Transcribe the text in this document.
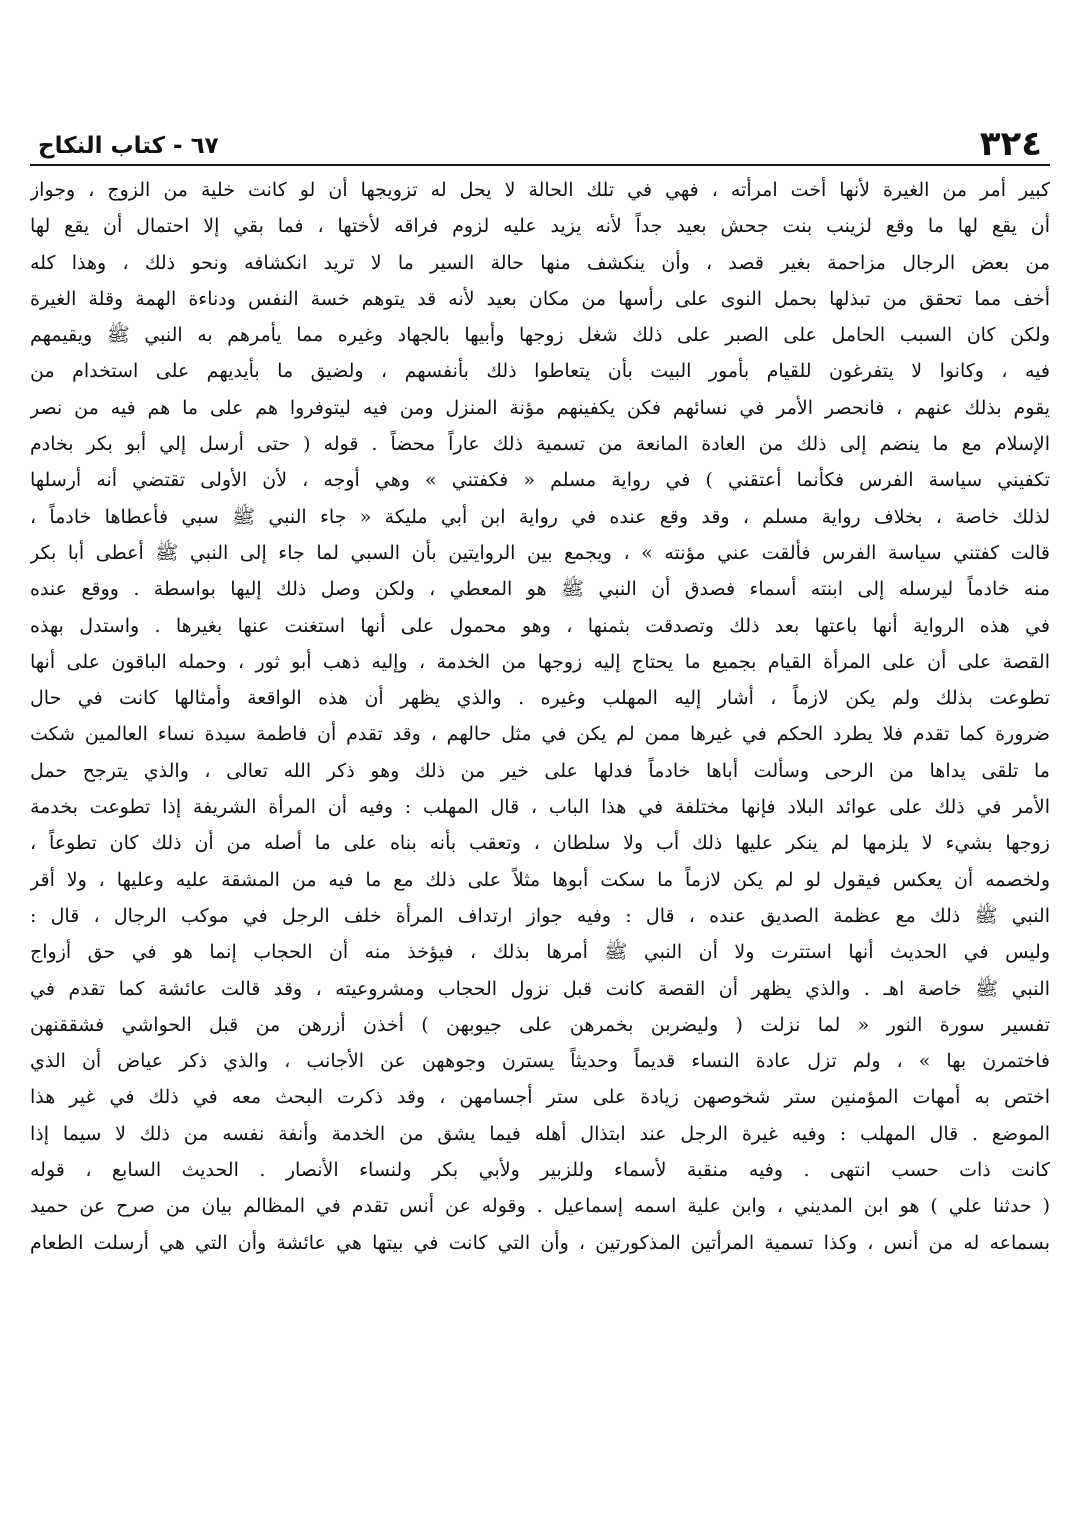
٣٢٤
٦٧ - كتاب النكاح
كبير أمر من الغيرة لأنها أخت امرأته ، فهي في تلك الحالة لا يحل له تزويجها أن لو كانت خلية من الزوج ، وجواز
أن يقع لها ما وقع لزينب بنت جحش بعيد جداً لأنه يزيد عليه لزوم فراقه لأختها ، فما بقي إلا احتمال أن يقع لها
من بعض الرجال مزاحمة بغير قصد ، وأن ينكشف منها حالة السير ما لا تريد انكشافه ونحو ذلك ، وهذا كله
أخف مما تحقق من تبذلها بحمل النوى على رأسها من مكان بعيد لأنه قد يتوهم خسة النفس ودناءة الهمة وقلة الغيرة
ولكن كان السبب الحامل على الصبر على ذلك شغل زوجها وأبيها بالجهاد وغيره مما يأمرهم به النبي ﷺ ويقيمهم
فيه ، وكانوا لا يتفرغون للقيام بأمور البيت بأن يتعاطوا ذلك بأنفسهم ، ولضيق ما بأيديهم على استخدام من
يقوم بذلك عنهم ، فانحصر الأمر في نسائهم فكن يكفينهم مؤنة المنزل ومن فيه ليتوفروا هم على ما هم فيه من نصر
الإسلام مع ما ينضم إلى ذلك من العادة المانعة من تسمية ذلك عاراً محضاً . قوله ( حتى أرسل إلي أبو بكر بخادم
تكفيني سياسة الفرس فكأنما أعتقني ) في رواية مسلم « فكفتني » وهي أوجه ، لأن الأولى تقتضي أنه أرسلها
لذلك خاصة ، بخلاف رواية مسلم ، وقد وقع عنده في رواية ابن أبي مليكة « جاء النبي ﷺ سبي فأعطاها خادماً ،
قالت كفتني سياسة الفرس فألقت عني مؤنته » ، ويجمع بين الروايتين بأن السبي لما جاء إلى النبي ﷺ أعطى أبا بكر
منه خادماً ليرسله إلى ابنته أسماء فصدق أن النبي ﷺ هو المعطي ، ولكن وصل ذلك إليها بواسطة . ووقع عنده
في هذه الرواية أنها باعتها بعد ذلك وتصدقت بثمنها ، وهو محمول على أنها استغنت عنها بغيرها . واستدل بهذه
القصة على أن على المرأة القيام بجميع ما يحتاج إليه زوجها من الخدمة ، وإليه ذهب أبو ثور ، وحمله الباقون على أنها
تطوعت بذلك ولم يكن لازماً ، أشار إليه المهلب وغيره . والذي يظهر أن هذه الواقعة وأمثالها كانت في حال
ضرورة كما تقدم فلا يطرد الحكم في غيرها ممن لم يكن في مثل حالهم ، وقد تقدم أن فاطمة سيدة نساء العالمين شكت
ما تلقى يداها من الرحى وسألت أباها خادماً فدلها على خير من ذلك وهو ذكر الله تعالى ، والذي يترجح حمل
الأمر في ذلك على عوائد البلاد فإنها مختلفة في هذا الباب ، قال المهلب : وفيه أن المرأة الشريفة إذا تطوعت بخدمة
زوجها بشيء لا يلزمها لم ينكر عليها ذلك أب ولا سلطان ، وتعقب بأنه بناه على ما أصله من أن ذلك كان تطوعاً ،
ولخصمه أن يعكس فيقول لو لم يكن لازماً ما سكت أبوها مثلاً على ذلك مع ما فيه من المشقة عليه وعليها ، ولا أقر
النبي ﷺ ذلك مع عظمة الصديق عنده ، قال : وفيه جواز ارتداف المرأة خلف الرجل في موكب الرجال ، قال :
وليس في الحديث أنها استترت ولا أن النبي ﷺ أمرها بذلك ، فيؤخذ منه أن الحجاب إنما هو في حق أزواج
النبي ﷺ خاصة اهـ . والذي يظهر أن القصة كانت قبل نزول الحجاب ومشروعيته ، وقد قالت عائشة كما تقدم في
تفسير سورة النور « لما نزلت ( وليضربن بخمرهن على جيوبهن ) أخذن أزرهن من قبل الحواشي فشققنهن
فاختمرن بها » ، ولم تزل عادة النساء قديماً وحديثاً يسترن وجوههن عن الأجانب ، والذي ذكر عياض أن الذي
اختص به أمهات المؤمنين ستر شخوصهن زيادة على ستر أجسامهن ، وقد ذكرت البحث معه في ذلك في غير هذا
الموضع . قال المهلب : وفيه غيرة الرجل عند ابتذال أهله فيما يشق من الخدمة وأنفة نفسه من ذلك لا سيما إذا
كانت ذات حسب انتهى . وفيه منقبة لأسماء وللزبير ولأبي بكر ولنساء الأنصار . الحديث السابع ، قوله
( حدثنا علي ) هو ابن المديني ، وابن علية اسمه إسماعيل . وقوله عن أنس تقدم في المظالم بيان من صرح عن حميد
بسماعه له من أنس ، وكذا تسمية المرأتين المذكورتين ، وأن التي كانت في بيتها هي عائشة وأن التي هي أرسلت الطعام
